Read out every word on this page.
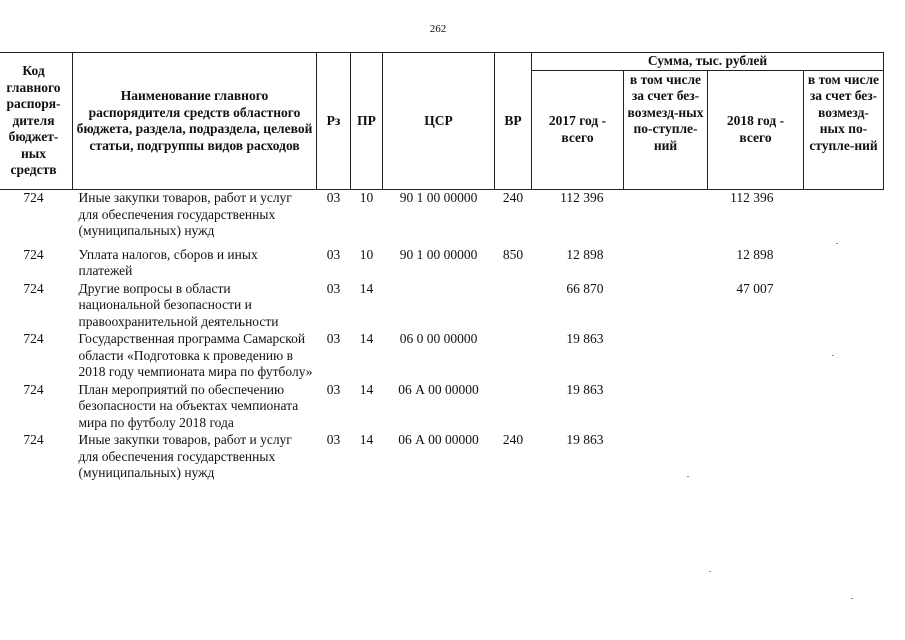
262
Код главного распоря-дителя бюджет-ных средств	Наименование главного распорядителя средств областного бюджета, раздела, подраздела, целевой статьи, подгруппы видов расходов	Рз	ПР	ЦСР	ВР	Сумма, тыс. рублей			
						2017 год - всего	в том числе за счет без-возмезд-ных по-ступле-ний	2018 год - всего	в том числе за счет без-возмезд-ных по-ступле-ний
724	Иные закупки товаров, работ и услуг для обеспечения государственных (муниципальных) нужд	03	10	90 1 00 00000	240	112 396		112 396	
724	Уплата налогов, сборов и иных платежей	03	10	90 1 00 00000	850	12 898		12 898	
724	Другие вопросы в области национальной безопасности и правоохранительной деятельности	03	14			66 870		47 007	
724	Государственная программа Самарской области «Подготовка к проведению в 2018 году чемпионата мира по футболу»	03	14	06 0 00 00000		19 863			
724	План мероприятий по обеспечению безопасности на объектах чемпионата мира по футболу 2018 года	03	14	06 А 00 00000		19 863			
724	Иные закупки товаров, работ и услуг для обеспечения государственных (муниципальных) нужд	03	14	06 А 00 00000	240	19 863			
